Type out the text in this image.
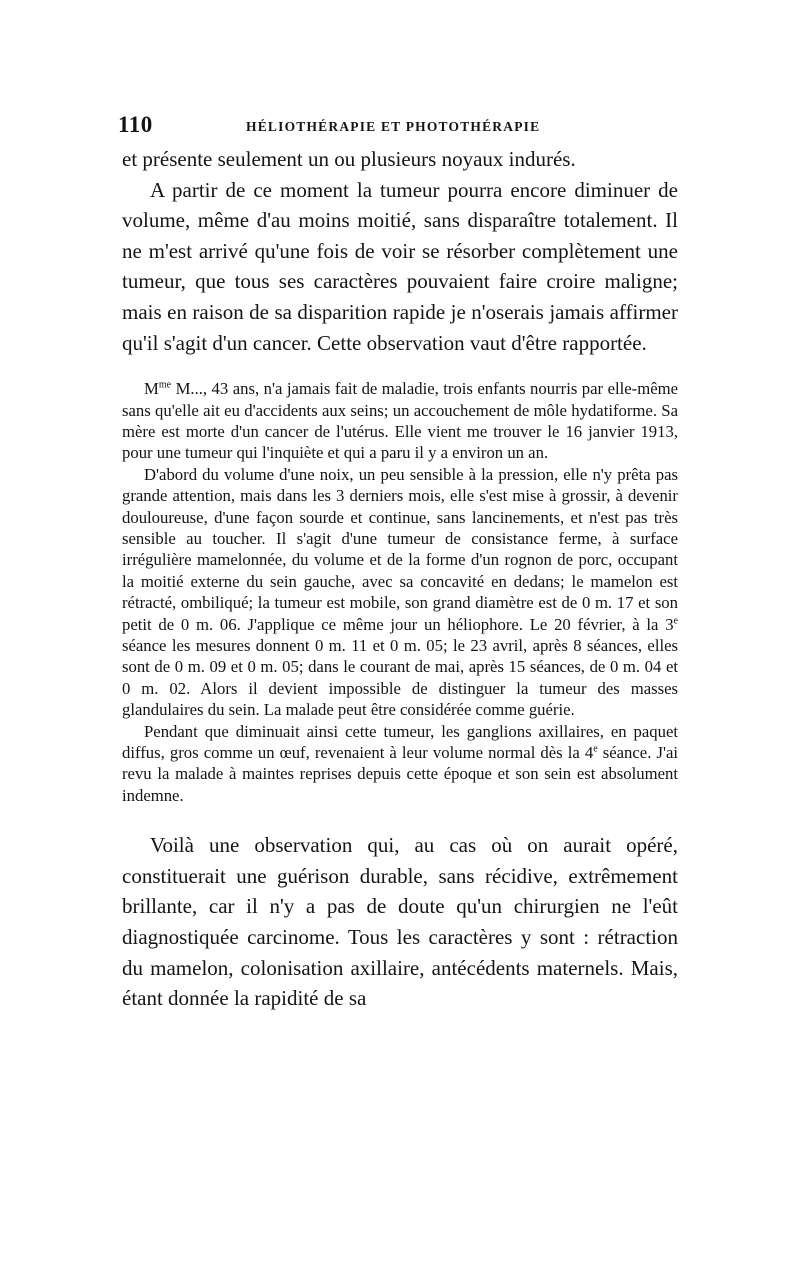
110	HÉLIOTHÉRAPIE ET PHOTOTHÉRAPIE

et présente seulement un ou plusieurs noyaux indurés.

A partir de ce moment la tumeur pourra encore diminuer de volume, même d'au moins moitié, sans disparaître totalement. Il ne m'est arrivé qu'une fois de voir se résorber complètement une tumeur, que tous ses caractères pouvaient faire croire maligne; mais en raison de sa disparition rapide je n'oserais jamais affirmer qu'il s'agit d'un cancer. Cette observation vaut d'être rapportée.

$M^{me}$ M..., 43 ans, n'a jamais fait de maladie, trois enfants nourris par elle-même sans qu'elle ait eu d'accidents aux seins; un accouchement de môle hydatiforme. Sa mère est morte d'un cancer de l'utérus. Elle vient me trouver le 16 janvier 1913, pour une tumeur qui l'inquiète et qui a paru il y a environ un an.

D'abord du volume d'une noix, un peu sensible à la pression, elle n'y prêta pas grande attention, mais dans les 3 derniers mois, elle s'est mise à grossir, à devenir douloureuse, d'une façon sourde et continue, sans lancinements, et n'est pas très sensible au toucher. Il s'agit d'une tumeur de consistance ferme, à surface irrégulière mamelonnée, du volume et de la forme d'un rognon de porc, occupant la moitié externe du sein gauche, avec sa concavité en dedans; le mamelon est rétracté, ombiliqué; la tumeur est mobile, son grand diamètre est de 0 m. 17 et son petit de 0 m. 06. J'applique ce même jour un héliophore. Le 20 février, à la 3e séance les mesures donnent 0 m. 11 et 0 m. 05; le 23 avril, après 8 séances, elles sont de 0 m. 09 et 0 m. 05; dans le courant de mai, après 15 séances, de 0 m. 04 et 0 m. 02. Alors il devient impossible de distinguer la tumeur des masses glandulaires du sein. La malade peut être considérée comme guérie.

Pendant que diminuait ainsi cette tumeur, les ganglions axillaires, en paquet diffus, gros comme un œuf, revenaient à leur volume normal dès la 4e séance. J'ai revu la malade à maintes reprises depuis cette époque et son sein est absolument indemne.

Voilà une observation qui, au cas où on aurait opéré, constituerait une guérison durable, sans récidive, extrêmement brillante, car il n'y a pas de doute qu'un chirurgien ne l'eût diagnostiquée carcinome. Tous les caractères y sont : rétraction du mamelon, colonisation axillaire, antécédents maternels. Mais, étant donnée la rapidité de sa
